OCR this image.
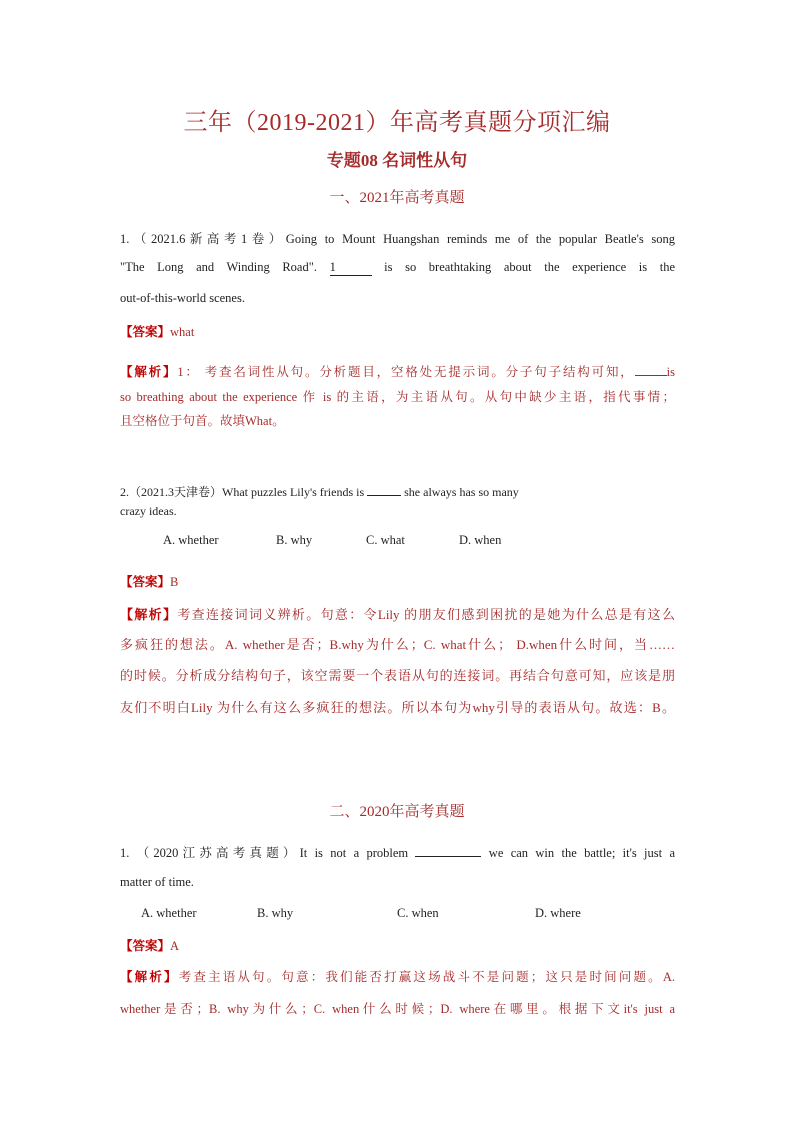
三年（2019-2021）年高考真题分项汇编
专题08 名词性从句
一、2021年高考真题
1.（2021.6新高考1卷）Going to Mount Huangshan reminds me of the popular Beatle's song
"The Long and Winding Road". 1	is so breathtaking about the experience is the
out-of-this-world scenes.
【答案】what
【解析】1： 考查名词性从句。分析题目，空格处无提示词。分子句子结构可知，	is
so breathing about the experience 作 is 的主语，为主语从句。从句中缺少主语，指代事情；
且空格位于句首。故填What。
2.（2021.3天津卷）What puzzles Lily's friends is	she always has so many
crazy ideas.
A. whether	B. why	C. what	D. when
【答案】B
【解析】考查连接词词义辨析。句意：令Lily 的朋友们感到困扰的是她为什么总是有这么
多疯狂的想法。A. whether是否；B.why为什么；C. what什么； D.when什么时间，当……
的时候。分析成分结构句子，该空需要一个表语从句的连接词。再结合句意可知，应该是朋
友们不明白Lily 为什么有这么多疯狂的想法。所以本句为why引导的表语从句。故选：B。
二、2020年高考真题
1. （2020江苏高考真题）It is not a problem	we can win the battle; it's just a
matter of time.
A. whether	B. why	C. when	D. where
【答案】A
【解析】考查主语从句。句意：我们能否打赢这场战斗不是问题；这只是时间问题。A.
whether是否；B. why为什么；C. when什么时候；D. where在哪里。根据下文it's just a
